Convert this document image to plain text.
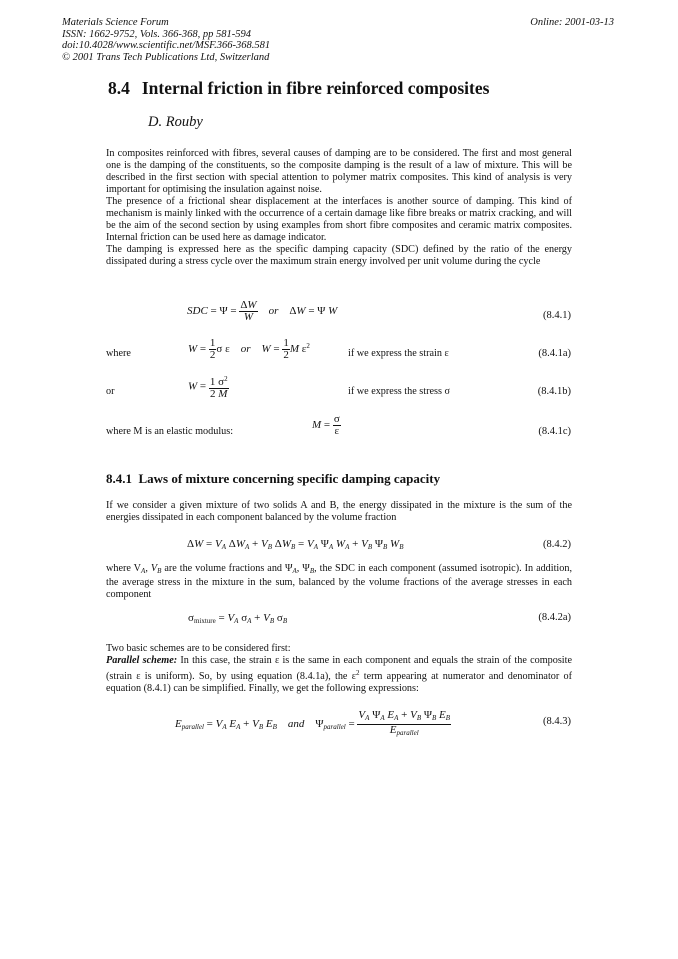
Materials Science Forum
ISSN: 1662-9752, Vols. 366-368, pp 581-594
doi:10.4028/www.scientific.net/MSF.366-368.581
© 2001 Trans Tech Publications Ltd, Switzerland
Online: 2001-03-13
8.4 Internal friction in fibre reinforced composites
D. Rouby

In composites reinforced with fibres, several causes of damping are to be considered. The first and most general one is the damping of the constituents, so the composite damping is the result of a law of mixture. This will be described in the first section with special attention to polymer matrix composites. This kind of analysis is very important for optimising the insulation against noise.

The presence of a frictional shear displacement at the interfaces is another source of damping. This kind of mechanism is mainly linked with the occurrence of a certain damage like fibre breaks or matrix cracking, and will be the aim of the second section by using examples from short fibre composites and ceramic matrix composites. Internal friction can be used here as damage indicator.

The damping is expressed here as the specific damping capacity (SDC) defined by the ratio of the energy dissipated during a stress cycle over the maximum strain energy involved per unit volume during the cycle

SDC = $\Psi = \frac{\Delta W}{W}$ or    ΔW = Ψ W	(8.4.1)
where	$W = \frac{1}{2}$ σ ε    or $W = \frac{1}{2}$ M $\varepsilon^2$
if we express the strain ε	(8.4.1a)
or	$W = \frac{1 \sigma^2}{2 M}$	if we express the stress σ	(8.4.1b)
where M is an elastic modulus:
$M = \frac{\sigma}{\varepsilon}$	(8.4.1c)
8.4.1 Laws of mixture concerning specific damping capacity
If we consider a given mixture of two solids A and B, the energy dissipated in the mixture is the sum of the energies dissipated in each component balanced by the volume fraction
$\Delta W = V_A$ $\Delta W_A + V_B$ $\Delta W_B = V_A$ $\Psi_A$ $W_A + V_B$ $\Psi_B$ $W_B$	(8.4.2)
where $V_A$, $V_B$ are the volume fractions and $\Psi_A$, $\Psi_B$, the SDC in each component (assumed isotropic). In addition, the average stress in the mixture in the sum, balanced by the volume fractions of the average stresses in each component
$\sigma_{mixture} = V_A$ $\sigma_A + V_B$ $\sigma_B$	(8.4.2a)

Two basic schemes are to be considered first:

Parallel scheme: In this case, the strain ε is the same in each component and equals the strain of the composite (strain ε is uniform). So, by using equation (8.4.1a), the $\varepsilon^2$ term appearing at numerator and denominator of equation (8.4.1) can be simplified. Finally, we get the following expressions:

$E_{parallel} = V_A$ $E_A + V_B$ $E_B$ and    $\Psi_{parallel} = \frac{V_A \Psi_A E_A + V_B \Psi_B E_B}{E_{parallel}}$	(8.4.3)
